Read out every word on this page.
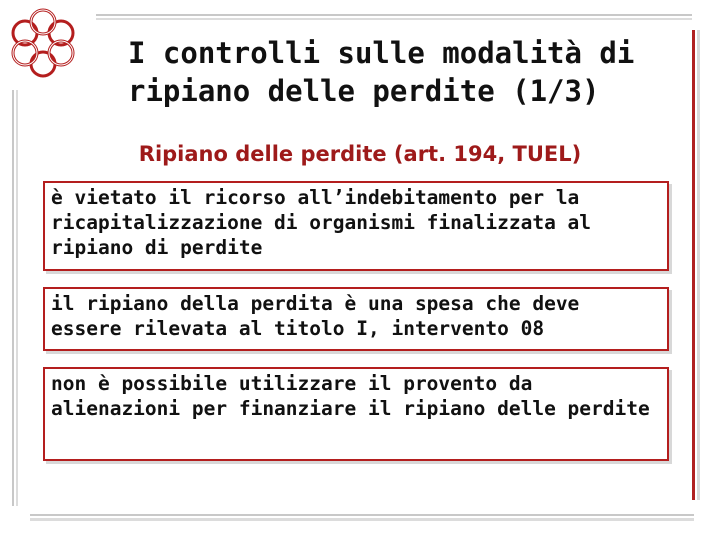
I controlli sulle modalità di ripiano delle perdite (1/3)
Ripiano delle perdite (art. 194, TUEL)
è vietato il ricorso all’indebitamento per la ricapitalizzazione di organismi finalizzata al ripiano di perdite
il ripiano della perdita è una spesa che deve essere rilevata al titolo I, intervento 08
non è possibile utilizzare il provento da alienazioni per finanziare il ripiano delle perdite
